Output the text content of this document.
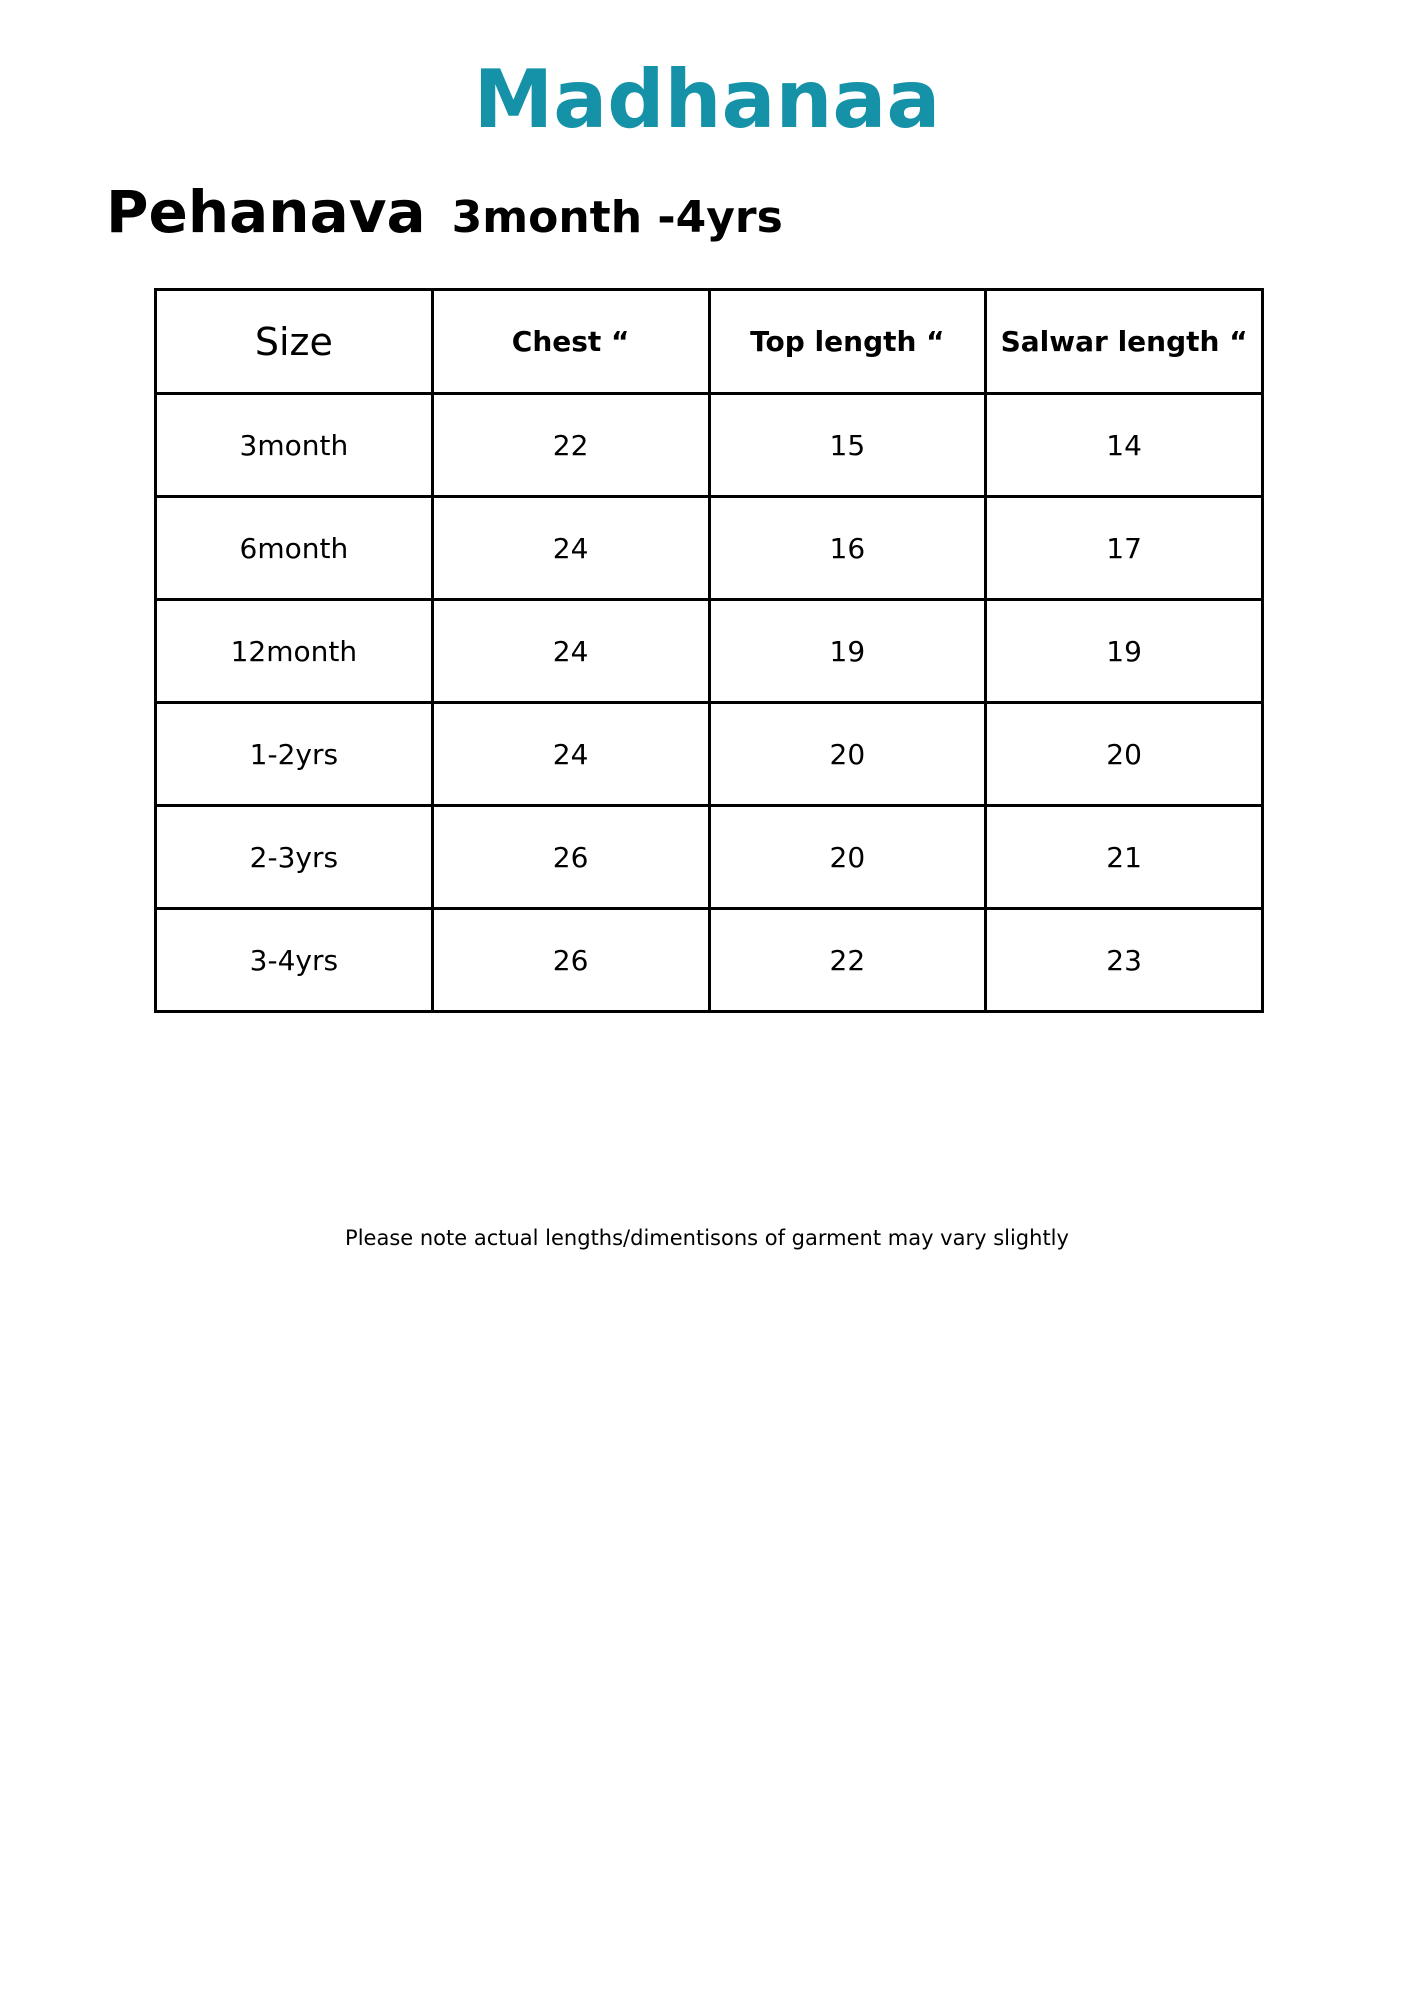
Madhanaa
Pehanava 3month -4yrs
Size	Chest “	Top length “	Salwar length “
3month	22	15	14
6month	24	16	17
12month	24	19	19
1-2yrs	24	20	20
2-3yrs	26	20	21
3-4yrs	26	22	23
Please note actual lengths/dimentisons of garment may vary slightly
